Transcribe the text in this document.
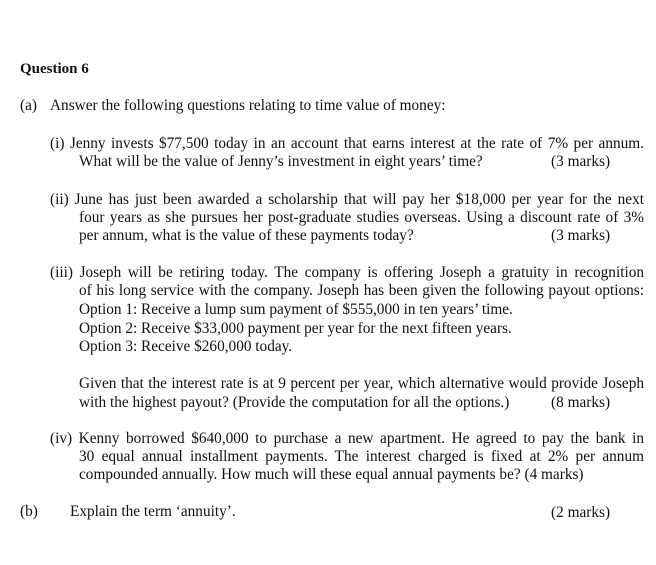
Question 6
(a) Answer the following questions relating to time value of money:
(i) Jenny invests $77,500 today in an account that earns interest at the rate of 7% per annum.
What will be the value of Jenny’s investment in eight years’ time?	(3 marks)
(ii) June has just been awarded a scholarship that will pay her $18,000 per year for the next
four years as she pursues her post-graduate studies overseas. Using a discount rate of 3%
per annum, what is the value of these payments today?	(3 marks)
(iii) Joseph will be retiring today. The company is offering Joseph a gratuity in recognition
of his long service with the company. Joseph has been given the following payout options:
Option 1: Receive a lump sum payment of $555,000 in ten years’ time.
Option 2: Receive $33,000 payment per year for the next fifteen years.
Option 3: Receive $260,000 today.
Given that the interest rate is at 9 percent per year, which alternative would provide Joseph
with the highest payout? (Provide the computation for all the options.)	(8 marks)
(iv) Kenny borrowed $640,000 to purchase a new apartment. He agreed to pay the bank in
30 equal annual installment payments. The interest charged is fixed at 2% per annum
compounded annually. How much will these equal annual payments be? (4 marks)
(b) Explain the term ‘annuity’.	(2 marks)
